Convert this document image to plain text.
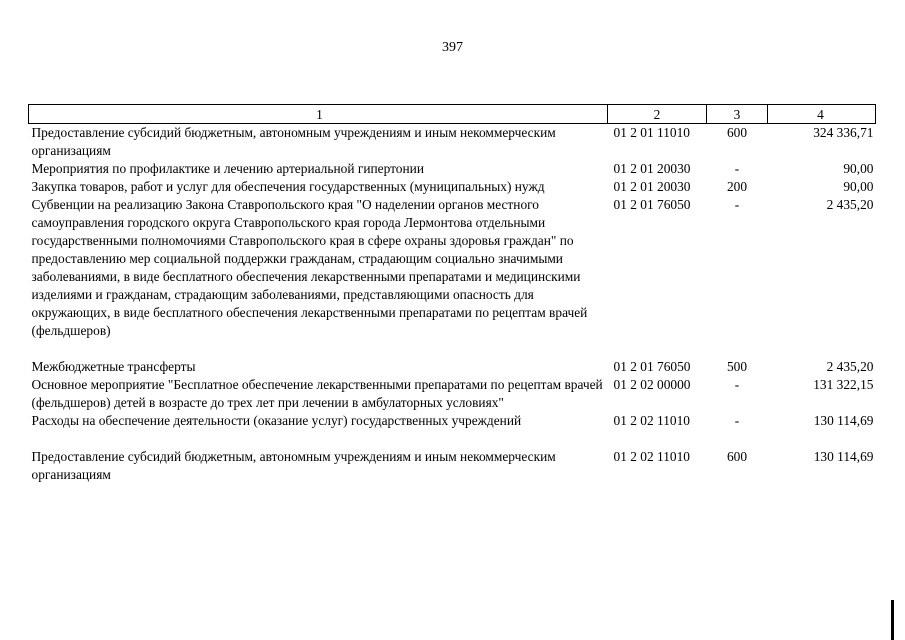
397
1	2	3	4
Предоставление субсидий бюджетным, автономным учреждениям и иным некоммерческим организациям	01 2 01 11010	600	324 336,71
Мероприятия по профилактике и лечению артериальной гипертонии	01 2 01 20030	-	90,00
Закупка товаров, работ и услуг для обеспечения государственных (муниципальных) нужд	01 2 01 20030	200	90,00
Субвенции на реализацию Закона Ставропольского края "О наделении органов местного самоуправления городского округа Ставропольского края города Лермонтова отдельными государственными полномочиями Ставропольского края в сфере охраны здоровья граждан" по предоставлению мер социальной поддержки гражданам, страдающим социально значимыми заболеваниями, в виде бесплатного обеспечения лекарственными препаратами и медицинскими изделиями и гражданам, страдающим заболеваниями, представляющими опасность для окружающих, в виде бесплатного обеспечения лекарственными препаратами по рецептам врачей (фельдшеров)	01 2 01 76050	-	2 435,20

Межбюджетные трансферты	01 2 01 76050	500	2 435,20
Основное мероприятие "Бесплатное обеспечение лекарственными препаратами по рецептам врачей (фельдшеров) детей в возрасте до трех лет при лечении в амбулаторных условиях"	01 2 02 00000	-	131 322,15
Расходы на обеспечение деятельности (оказание услуг) государственных учреждений	01 2 02 11010	-	130 114,69

Предоставление субсидий бюджетным, автономным учреждениям и иным некоммерческим организациям	01 2 02 11010	600	130 114,69
